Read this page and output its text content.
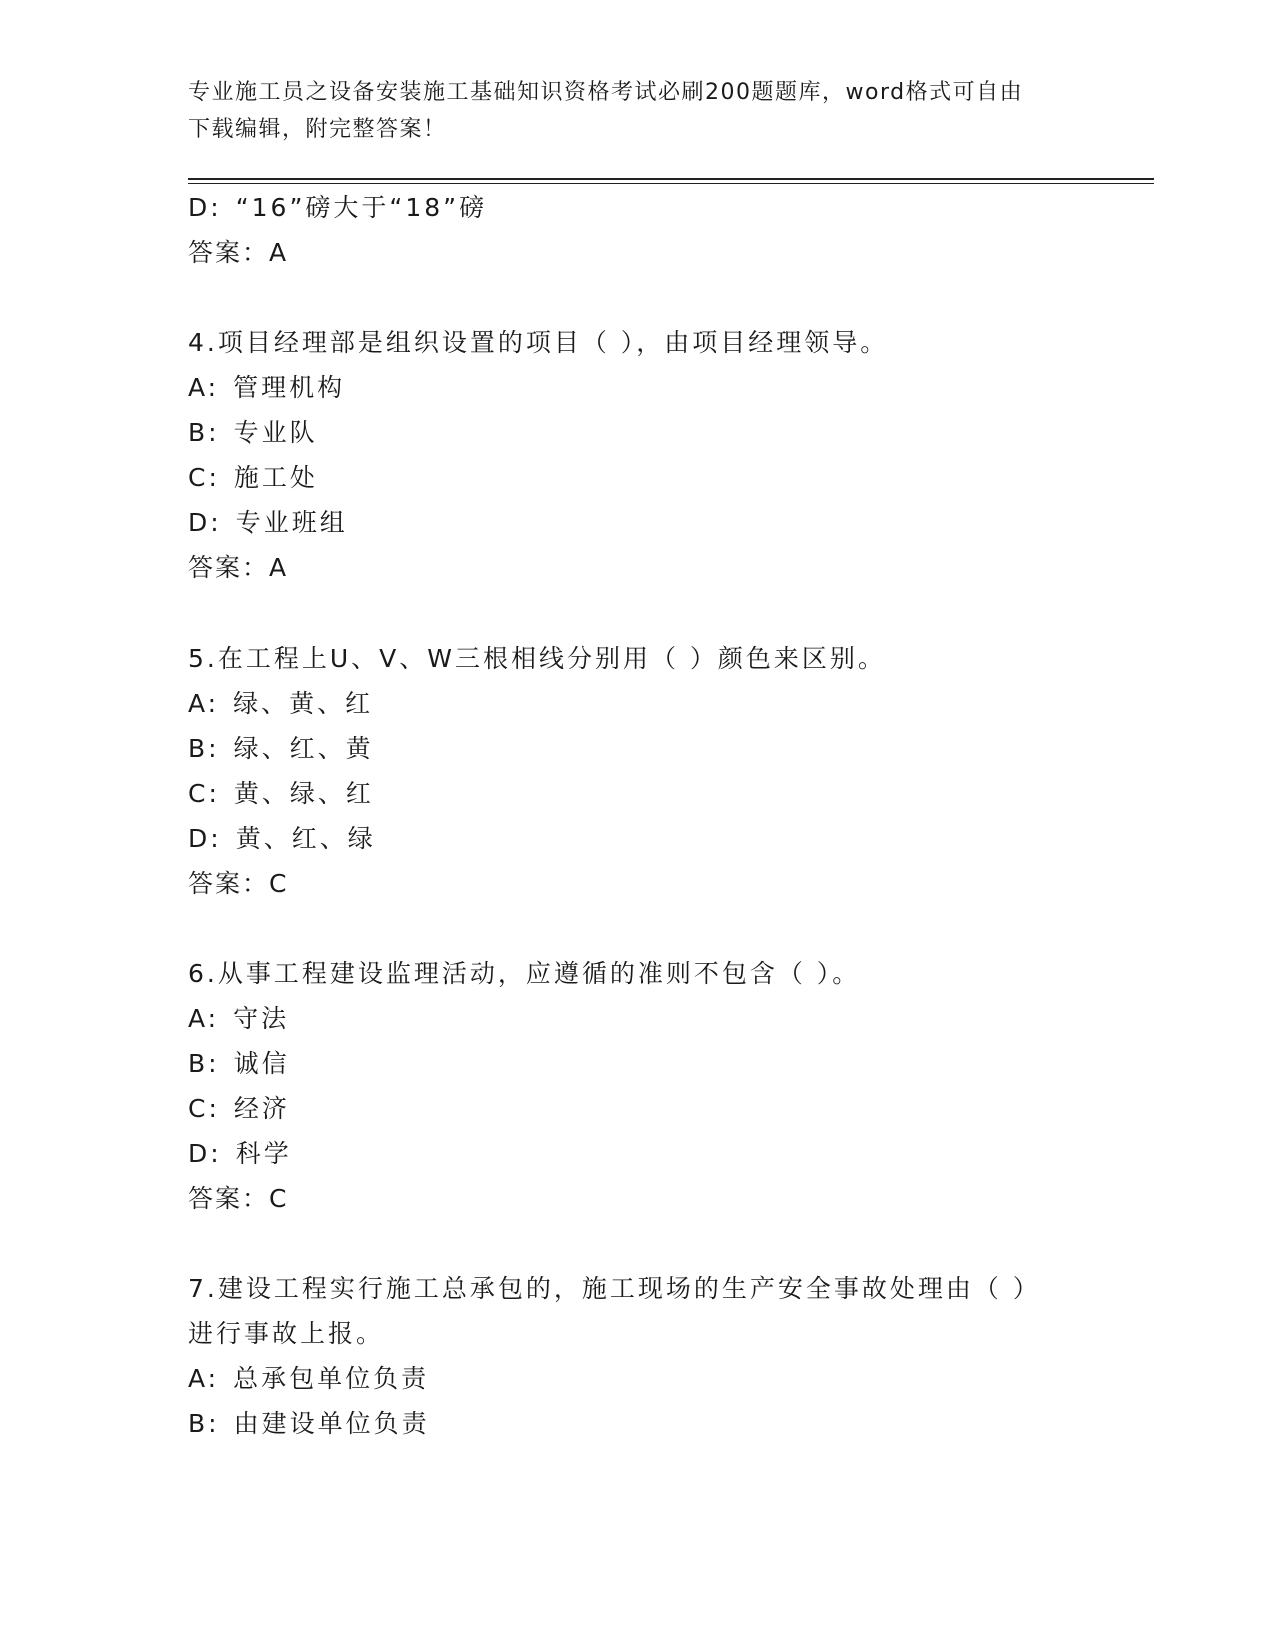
专业施工员之设备安装施工基础知识资格考试必刷200题题库，word格式可自由
下载编辑，附完整答案！
D: “16”磅大于“18”磅
答案：A
4.项目经理部是组织设置的项目（ ），由项目经理领导。
A: 管理机构
B: 专业队
C: 施工处
D: 专业班组
答案：A
5.在工程上U、V、W三根相线分别用（ ）颜色来区别。
A: 绿、黄、红
B: 绿、红、黄
C: 黄、绿、红
D: 黄、红、绿
答案：C
6.从事工程建设监理活动，应遵循的准则不包含（ ）。
A: 守法
B: 诚信
C: 经济
D: 科学
答案：C
7.建设工程实行施工总承包的，施工现场的生产安全事故处理由（ ）
进行事故上报。
A: 总承包单位负责
B: 由建设单位负责
